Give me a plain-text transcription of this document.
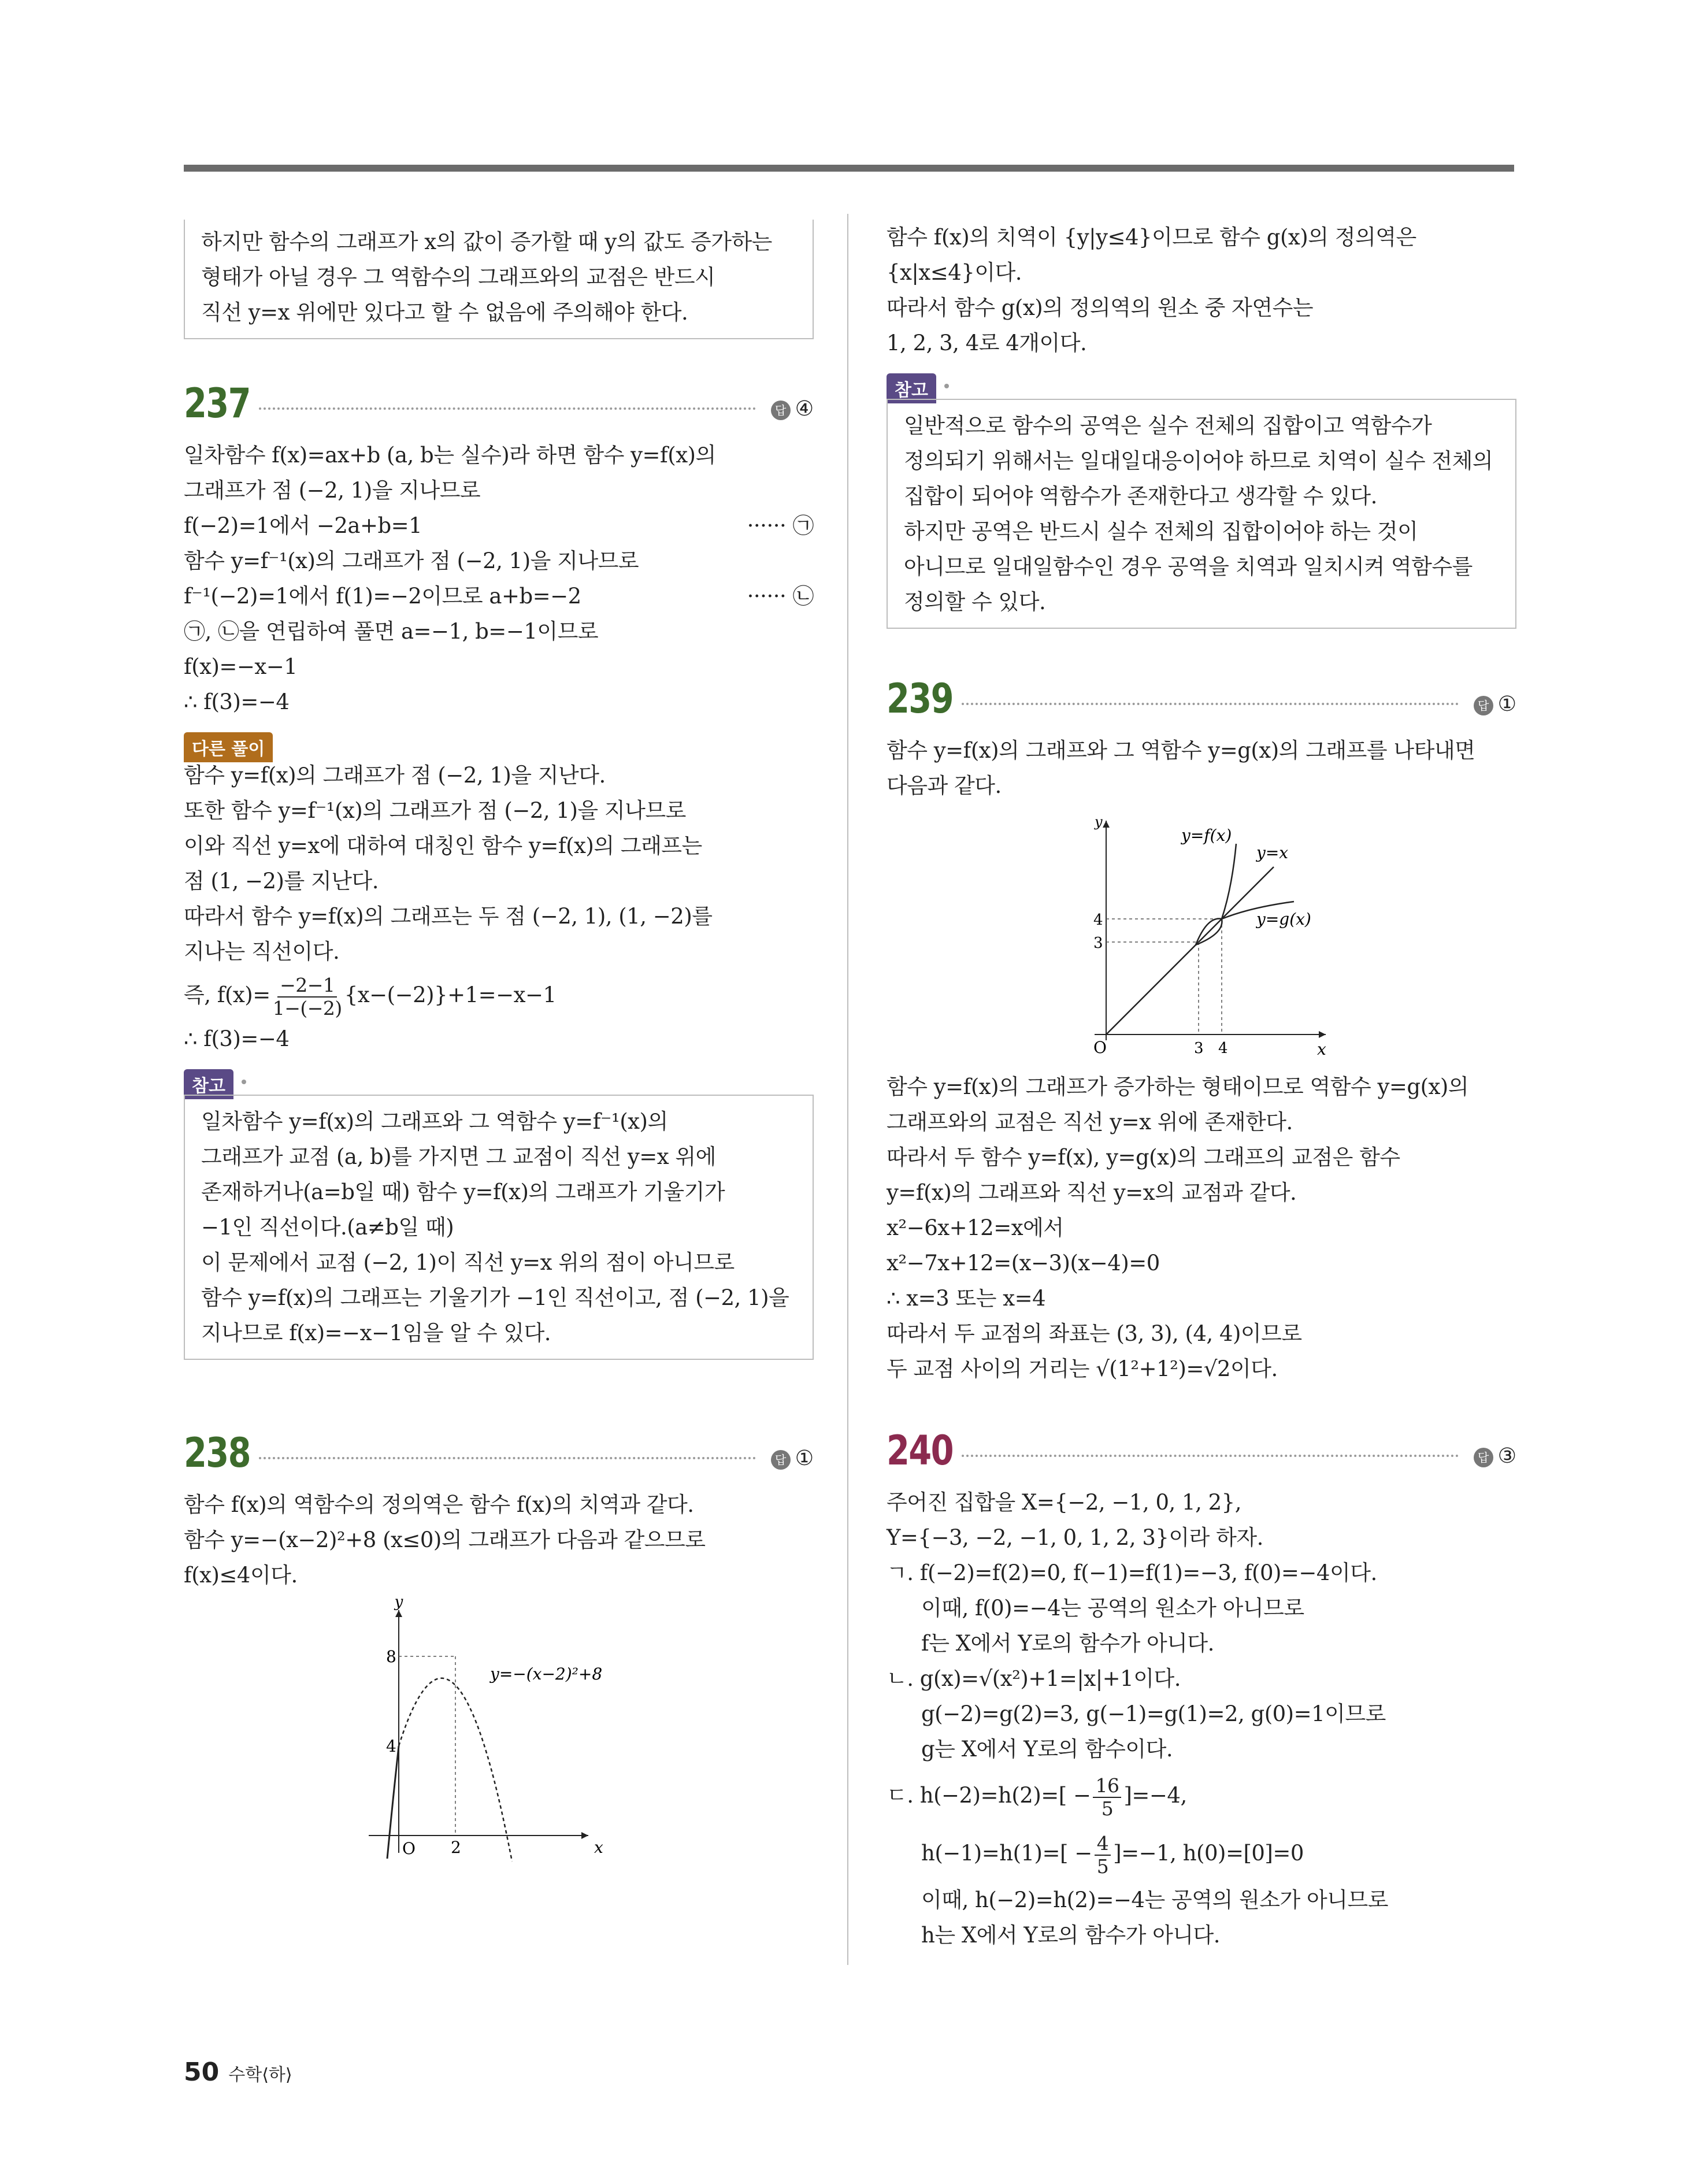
하지만 함수의 그래프가 x의 값이 증가할 때 y의 값도 증가하는
형태가 아닐 경우 그 역함수의 그래프와의 교점은 반드시
직선 y=x 위에만 있다고 할 수 없음에 주의해야 한다.
237	답 ④
일차함수 f(x)=ax+b (a, b는 실수)라 하면 함수 y=f(x)의
그래프가 점 (−2, 1)을 지나므로
f(−2)=1에서 −2a+b=1	······ ㉠
함수 y=f⁻¹(x)의 그래프가 점 (−2, 1)을 지나므로
f⁻¹(−2)=1에서 f(1)=−2이므로 a+b=−2	······ ㉡
㉠, ㉡을 연립하여 풀면 a=−1, b=−1이므로
f(x)=−x−1
∴ f(3)=−4
다른 풀이
함수 y=f(x)의 그래프가 점 (−2, 1)을 지난다.
또한 함수 y=f⁻¹(x)의 그래프가 점 (−2, 1)을 지나므로
이와 직선 y=x에 대하여 대칭인 함수 y=f(x)의 그래프는
점 (1, −2)를 지난다.
따라서 함수 y=f(x)의 그래프는 두 점 (−2, 1), (1, −2)를
지나는 직선이다.
즉, $f(x)= \frac{-2-1}{1-(-2)} \{x-(-2)\}+1=-x-1$
∴ f(3)=−4
참고
일차함수 y=f(x)의 그래프와 그 역함수 y=f⁻¹(x)의
그래프가 교점 (a, b)를 가지면 그 교점이 직선 y=x 위에
존재하거나(a=b일 때) 함수 y=f(x)의 그래프가 기울기가
−1인 직선이다.(a≠b일 때)
이 문제에서 교점 (−2, 1)이 직선 y=x 위의 점이 아니므로
함수 y=f(x)의 그래프는 기울기가 −1인 직선이고, 점 (−2, 1)을
지나므로 f(x)=−x−1임을 알 수 있다.
238	답 ①
함수 f(x)의 역함수의 정의역은 함수 f(x)의 치역과 같다.
함수 y=−(x−2)²+8 (x≤0)의 그래프가 다음과 같으므로
f(x)≤4이다.
y
x
O
8
4
2
y=−(x−2)²+8
함수 f(x)의 치역이 {y|y≤4}이므로 함수 g(x)의 정의역은
{x|x≤4}이다.
따라서 함수 g(x)의 정의역의 원소 중 자연수는
1, 2, 3, 4로 4개이다.
참고
일반적으로 함수의 공역은 실수 전체의 집합이고 역함수가
정의되기 위해서는 일대일대응이어야 하므로 치역이 실수 전체의
집합이 되어야 역함수가 존재한다고 생각할 수 있다.
하지만 공역은 반드시 실수 전체의 집합이어야 하는 것이
아니므로 일대일함수인 경우 공역을 치역과 일치시켜 역함수를
정의할 수 있다.
239	답 ①
함수 y=f(x)의 그래프와 그 역함수 y=g(x)의 그래프를 나타내면
다음과 같다.
y
x
O
4
3
3 4
y=f(x)
y=x
y=g(x)
함수 y=f(x)의 그래프가 증가하는 형태이므로 역함수 y=g(x)의
그래프와의 교점은 직선 y=x 위에 존재한다.
따라서 두 함수 y=f(x), y=g(x)의 그래프의 교점은 함수
y=f(x)의 그래프와 직선 y=x의 교점과 같다.
x²−6x+12=x에서
x²−7x+12=(x−3)(x−4)=0
∴ x=3 또는 x=4
따라서 두 교점의 좌표는 (3, 3), (4, 4)이므로
두 교점 사이의 거리는 √(1²+1²)=√2이다.
240	답 ③
주어진 집합을 X={−2, −1, 0, 1, 2},
Y={−3, −2, −1, 0, 1, 2, 3}이라 하자.
ㄱ. f(−2)=f(2)=0, f(−1)=f(1)=−3, f(0)=−4이다.
이때, f(0)=−4는 공역의 원소가 아니므로
f는 X에서 Y로의 함수가 아니다.
ㄴ. g(x)=√(x²)+1=|x|+1이다.
g(−2)=g(2)=3, g(−1)=g(1)=2, g(0)=1이므로
g는 X에서 Y로의 함수이다.
ㄷ. $h(-2)=h(2)=[ - \frac{16}{5} ]=-4$,
$h(-1)=h(1)=[ - \frac{4}{5} ]=-1$, h(0)=[0]=0
이때, h(−2)=h(2)=−4는 공역의 원소가 아니므로
h는 X에서 Y로의 함수가 아니다.
50 수학⟨하⟩
